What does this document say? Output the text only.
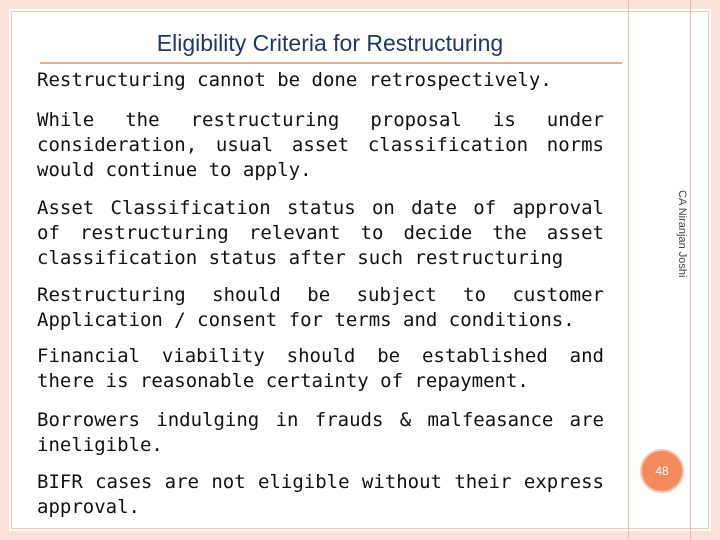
Eligibility Criteria for Restructuring
Restructuring cannot be done retrospectively.
While the restructuring proposal is under consideration, usual asset classification norms would continue to apply.
Asset Classification status on date of approval of restructuring relevant to decide the asset classification status after such restructuring
Restructuring should be subject to customer Application / consent for terms and conditions.
Financial viability should be established and there is reasonable certainty of repayment.
Borrowers indulging in frauds & malfeasance are ineligible.
BIFR cases are not eligible without their express approval.
CA Niranjan Joshi
48
